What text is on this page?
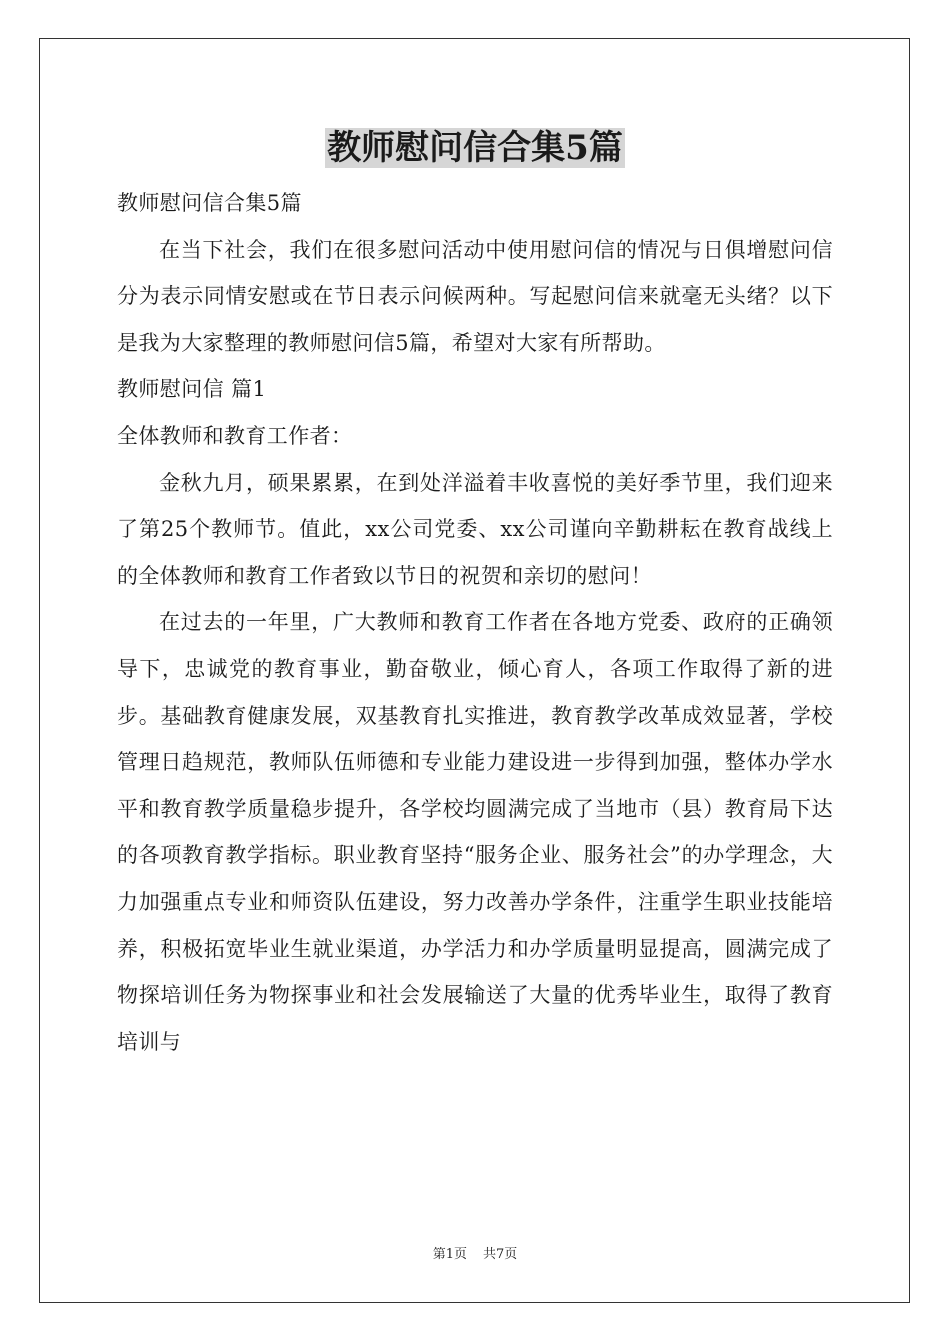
教师慰问信合集5篇

教师慰问信合集5篇

在当下社会，我们在很多慰问活动中使用慰问信的情况与日俱增慰问信分为表示同情安慰或在节日表示问候两种。写起慰问信来就毫无头绪？以下是我为大家整理的教师慰问信5篇，希望对大家有所帮助。

教师慰问信 篇1

全体教师和教育工作者：

金秋九月，硕果累累，在到处洋溢着丰收喜悦的美好季节里，我们迎来了第25个教师节。值此，xx公司党委、xx公司谨向辛勤耕耘在教育战线上的全体教师和教育工作者致以节日的祝贺和亲切的慰问！

在过去的一年里，广大教师和教育工作者在各地方党委、政府的正确领导下，忠诚党的教育事业，勤奋敬业，倾心育人，各项工作取得了新的进步。基础教育健康发展，双基教育扎实推进，教育教学改革成效显著，学校管理日趋规范，教师队伍师德和专业能力建设进一步得到加强，整体办学水平和教育教学质量稳步提升，各学校均圆满完成了当地市（县）教育局下达的各项教育教学指标。职业教育坚持“服务企业、服务社会”的办学理念，大力加强重点专业和师资队伍建设，努力改善办学条件，注重学生职业技能培养，积极拓宽毕业生就业渠道，办学活力和办学质量明显提高，圆满完成了物探培训任务为物探事业和社会发展输送了大量的优秀毕业生，取得了教育培训与

第1页 共7页
